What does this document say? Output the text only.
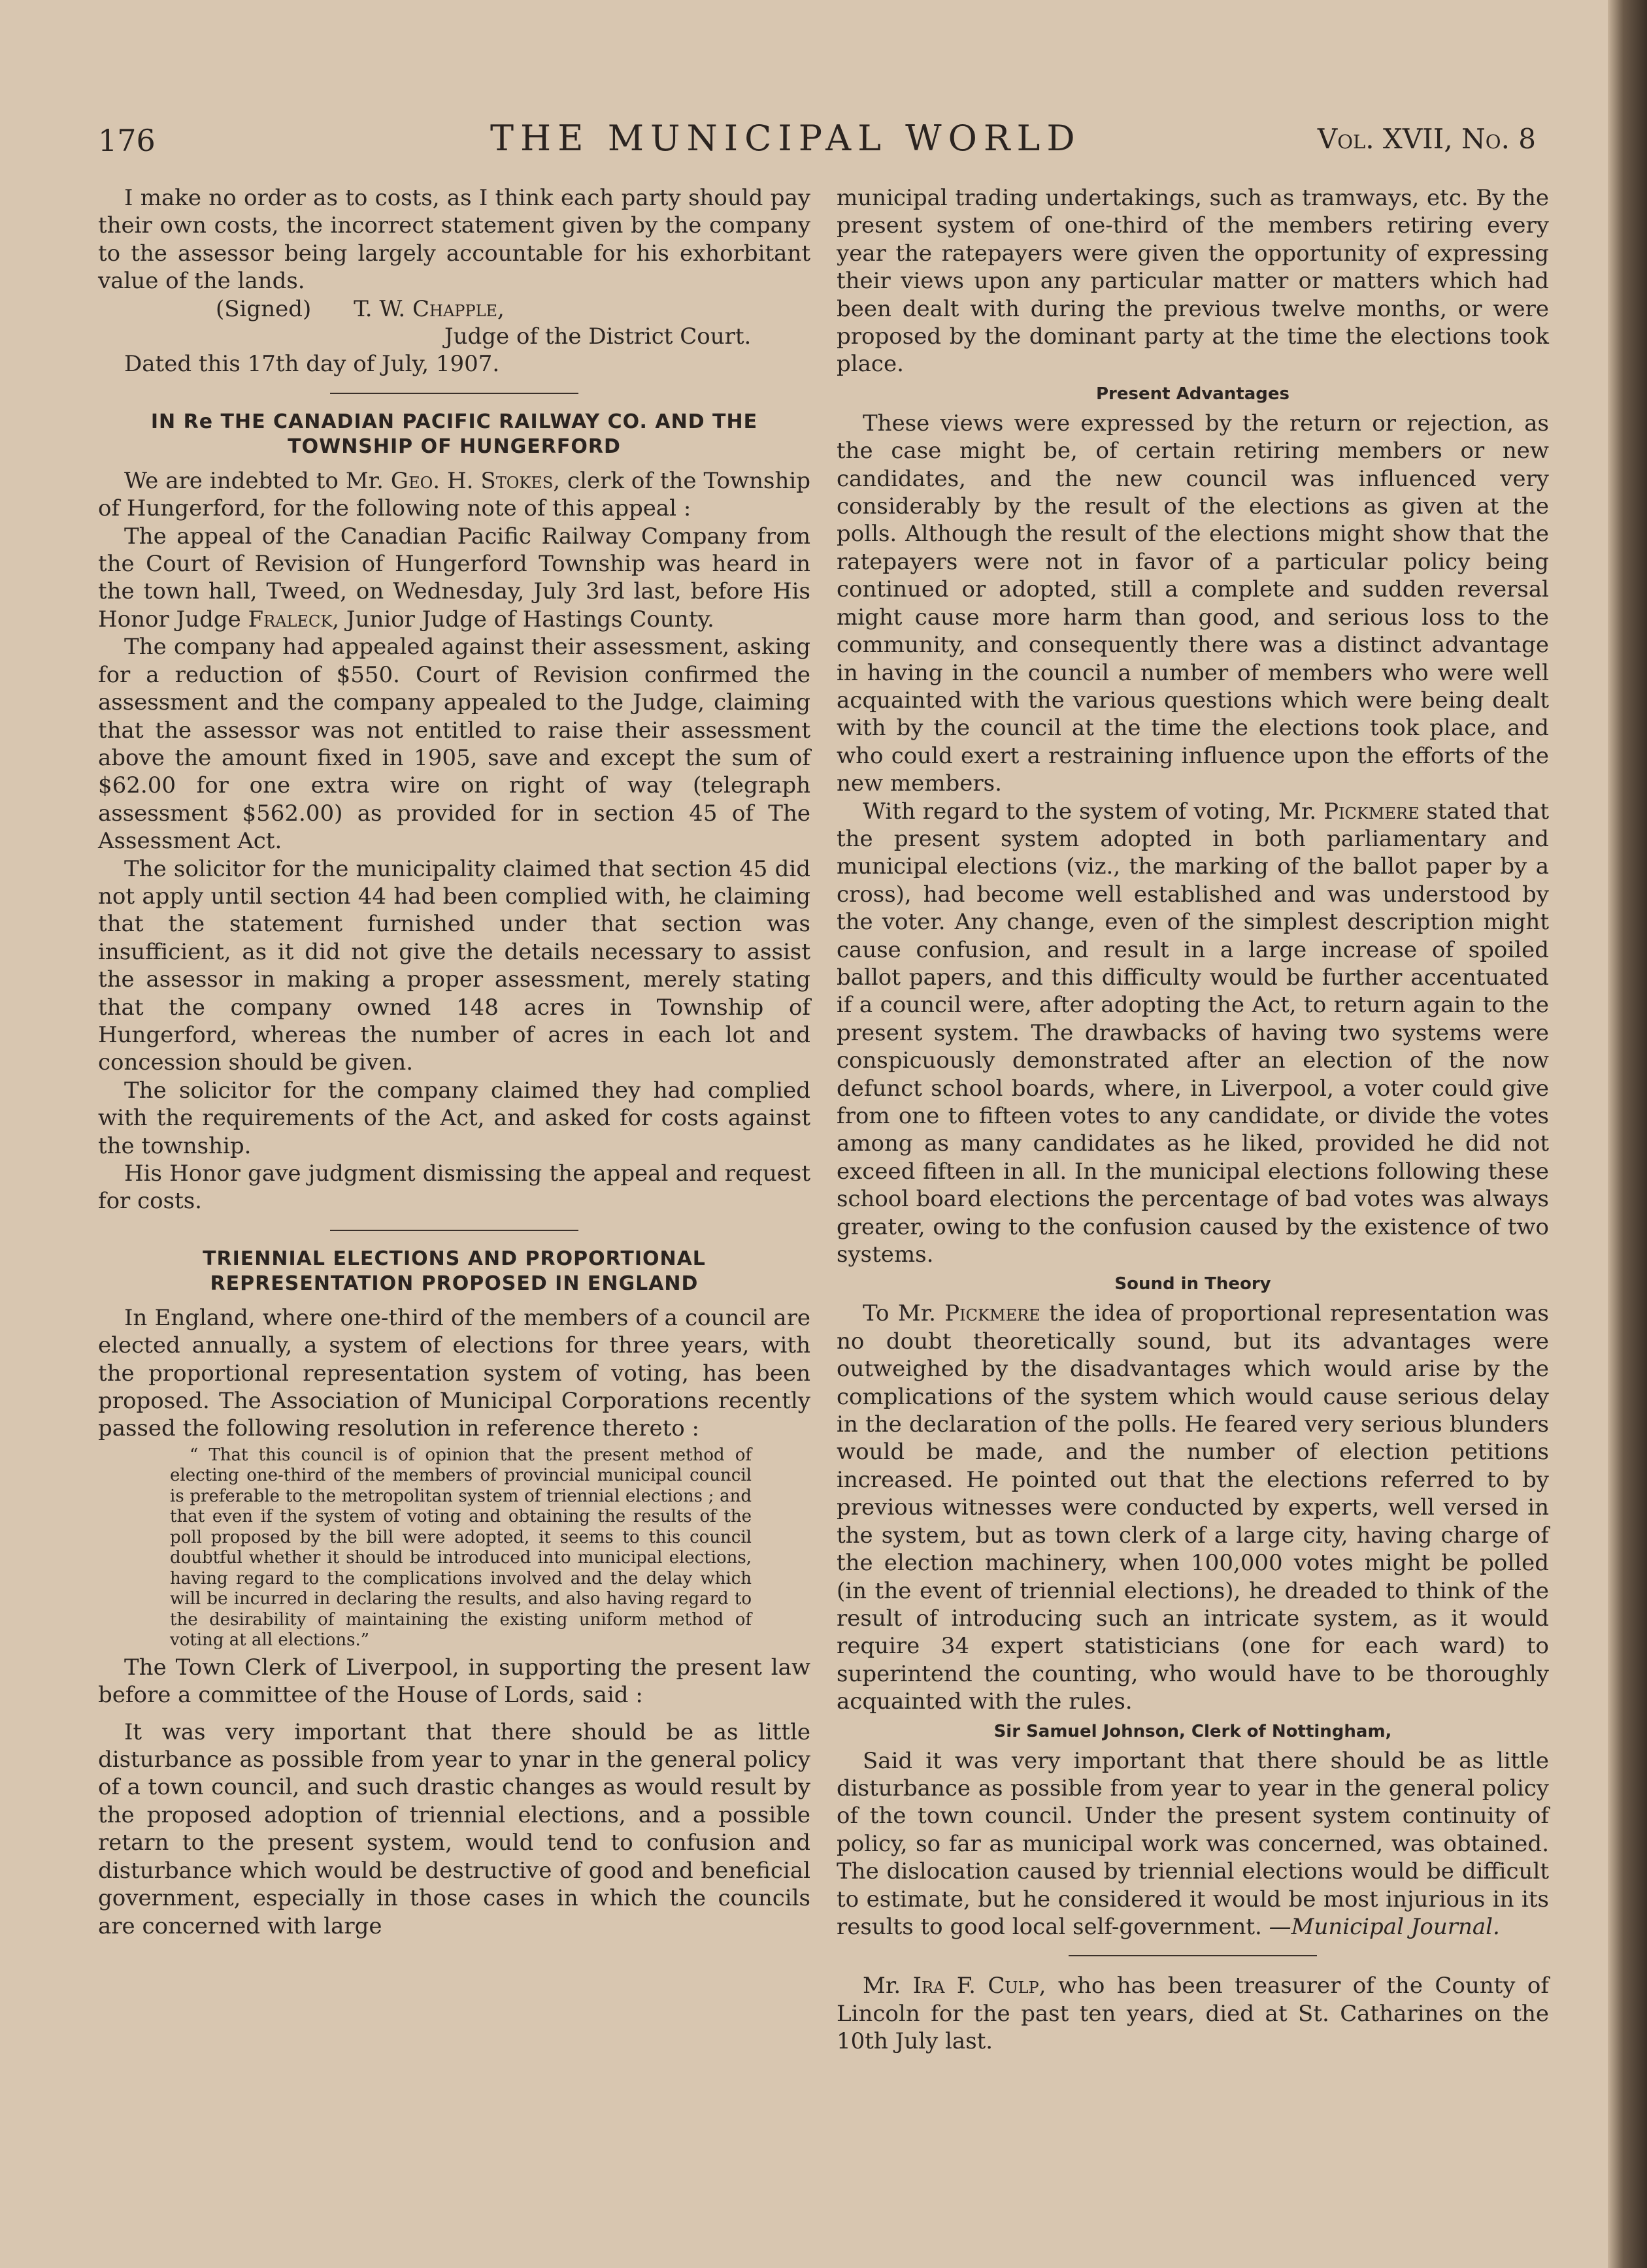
176	THE MUNICIPAL WORLD	Vol. XVII, No. 8

I make no order as to costs, as I think each party should pay their own costs, the incorrect statement given by the company to the assessor being largely accountable for his exhorbitant value of the lands.

(Signed) T. W. Chapple,

Judge of the District Court.

Dated this 17th day of July, 1907.

IN Re THE CANADIAN PACIFIC RAILWAY CO. AND THE TOWNSHIP OF HUNGERFORD

We are indebted to Mr. Geo. H. Stokes, clerk of the Township of Hungerford, for the following note of this appeal :

The appeal of the Canadian Pacific Railway Company from the Court of Revision of Hungerford Township was heard in the town hall, Tweed, on Wednesday, July 3rd last, before His Honor Judge Fraleck, Junior Judge of Hastings County.

The company had appealed against their assessment, asking for a reduction of $550. Court of Revision confirmed the assessment and the company appealed to the Judge, claiming that the assessor was not entitled to raise their assessment above the amount fixed in 1905, save and except the sum of $62.00 for one extra wire on right of way (telegraph assessment $562.00) as provided for in section 45 of The Assessment Act.

The solicitor for the municipality claimed that section 45 did not apply until section 44 had been complied with, he claiming that the statement furnished under that section was insufficient, as it did not give the details necessary to assist the assessor in making a proper assessment, merely stating that the company owned 148 acres in Township of Hungerford, whereas the number of acres in each lot and concession should be given.

The solicitor for the company claimed they had complied with the requirements of the Act, and asked for costs against the township.

His Honor gave judgment dismissing the appeal and request for costs.

TRIENNIAL ELECTIONS AND PROPORTIONAL REPRESENTATION PROPOSED IN ENGLAND

In England, where one-third of the members of a council are elected annually, a system of elections for three years, with the proportional representation system of voting, has been proposed. The Association of Municipal Corporations recently passed the following resolution in reference thereto :

“ That this council is of opinion that the present method of electing one-third of the members of provincial municipal council is preferable to the metropolitan system of triennial elections ; and that even if the system of voting and obtaining the results of the poll proposed by the bill were adopted, it seems to this council doubtful whether it should be introduced into municipal elections, having regard to the complications involved and the delay which will be incurred in declaring the results, and also having regard to the desirability of maintaining the existing uniform method of voting at all elections.”

The Town Clerk of Liverpool, in supporting the present law before a committee of the House of Lords, said :

It was very important that there should be as little disturbance as possible from year to ynar in the general policy of a town council, and such drastic changes as would result by the proposed adoption of triennial elections, and a possible retarn to the present system, would tend to confusion and disturbance which would be destructive of good and beneficial government, especially in those cases in which the councils are concerned with large

municipal trading undertakings, such as tramways, etc. By the present system of one-third of the members retiring every year the ratepayers were given the opportunity of expressing their views upon any particular matter or matters which had been dealt with during the previous twelve months, or were proposed by the dominant party at the time the elections took place.

Present Advantages

These views were expressed by the return or rejection, as the case might be, of certain retiring members or new candidates, and the new council was influenced very considerably by the result of the elections as given at the polls. Although the result of the elections might show that the ratepayers were not in favor of a particular policy being continued or adopted, still a complete and sudden reversal might cause more harm than good, and serious loss to the community, and consequently there was a distinct advantage in having in the council a number of members who were well acquainted with the various questions which were being dealt with by the council at the time the elections took place, and who could exert a restraining influence upon the efforts of the new members.

With regard to the system of voting, Mr. Pickmere stated that the present system adopted in both parliamentary and municipal elections (viz., the marking of the ballot paper by a cross), had become well established and was understood by the voter. Any change, even of the simplest description might cause confusion, and result in a large increase of spoiled ballot papers, and this difficulty would be further accentuated if a council were, after adopting the Act, to return again to the present system. The drawbacks of having two systems were conspicuously demonstrated after an election of the now defunct school boards, where, in Liverpool, a voter could give from one to fifteen votes to any candidate, or divide the votes among as many candidates as he liked, provided he did not exceed fifteen in all. In the municipal elections following these school board elections the percentage of bad votes was always greater, owing to the confusion caused by the existence of two systems.

Sound in Theory

To Mr. Pickmere the idea of proportional representation was no doubt theoretically sound, but its advantages were outweighed by the disadvantages which would arise by the complications of the system which would cause serious delay in the declaration of the polls. He feared very serious blunders would be made, and the number of election petitions increased. He pointed out that the elections referred to by previous witnesses were conducted by experts, well versed in the system, but as town clerk of a large city, having charge of the election machinery, when 100,000 votes might be polled (in the event of triennial elections), he dreaded to think of the result of introducing such an intricate system, as it would require 34 expert statisticians (one for each ward) to superintend the counting, who would have to be thoroughly acquainted with the rules.

Sir Samuel Johnson, Clerk of Nottingham,

Said it was very important that there should be as little disturbance as possible from year to year in the general policy of the town council. Under the present system continuity of policy, so far as municipal work was concerned, was obtained. The dislocation caused by triennial elections would be difficult to estimate, but he considered it would be most injurious in its results to good local self-government. —Municipal Journal.

Mr. Ira F. Culp, who has been treasurer of the County of Lincoln for the past ten years, died at St. Catharines on the 10th July last.
